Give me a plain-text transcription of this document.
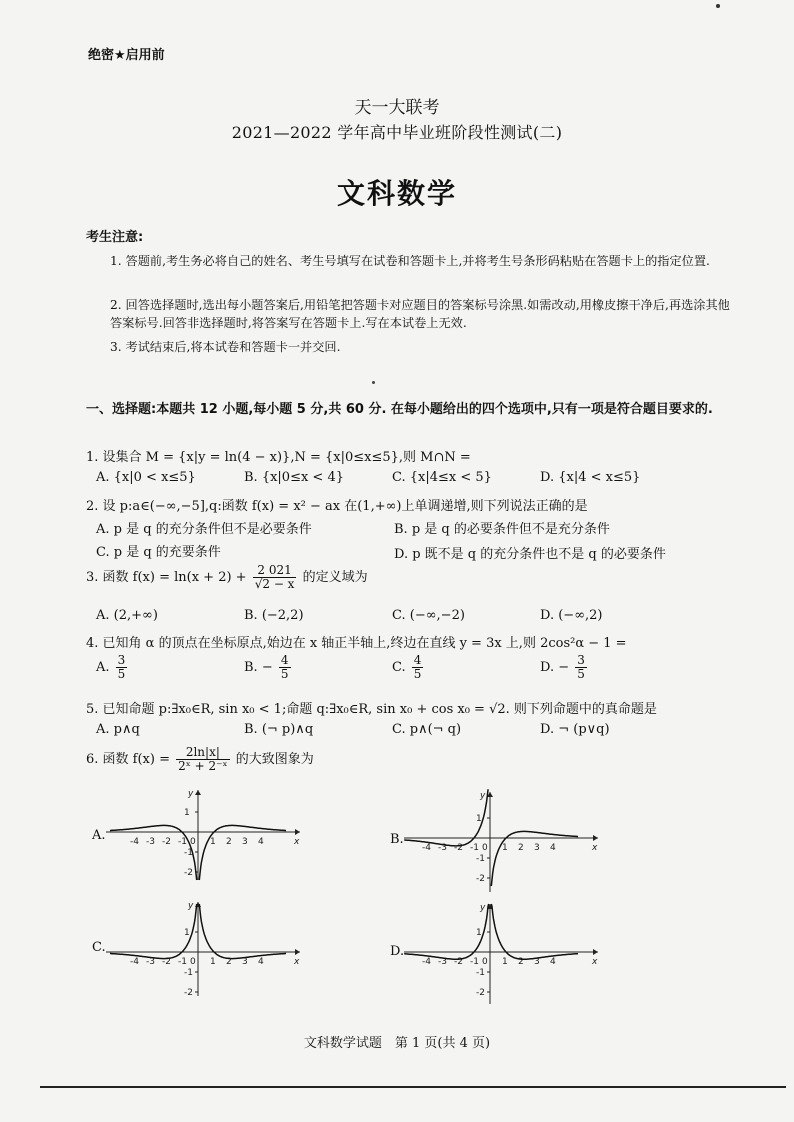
绝密★启用前
天一大联考
2021—2022 学年高中毕业班阶段性测试(二)
文科数学
考生注意:
1. 答题前,考生务必将自己的姓名、考生号填写在试卷和答题卡上,并将考生号条形码粘贴在答题卡上的指定位置.
2. 回答选择题时,选出每小题答案后,用铅笔把答题卡对应题目的答案标号涂黑.如需改动,用橡皮擦干净后,再选涂其他答案标号.回答非选择题时,将答案写在答题卡上.写在本试卷上无效.
3. 考试结束后,将本试卷和答题卡一并交回.
一、选择题:本题共 12 小题,每小题 5 分,共 60 分. 在每小题给出的四个选项中,只有一项是符合题目要求的.
1. 设集合 M = {x|y = ln(4 − x)},N = {x|0≤x≤5},则 M∩N =
A. {x|0 < x≤5}	B. {x|0≤x < 4}	C. {x|4≤x < 5}	D. {x|4 < x≤5}
2. 设 p:a∈(−∞,−5],q:函数 f(x) = x² − ax 在(1,+∞)上单调递增,则下列说法正确的是
A. p 是 q 的充分条件但不是必要条件	B. p 是 q 的必要条件但不是充分条件
C. p 是 q 的充要条件	D. p 既不是 q 的充分条件也不是 q 的必要条件
3. 函数 $f(x) = \ln(x + 2) + \frac{2 021}{√2 - x}$ 的定义域为
A. (2,+∞)	B. (−2,2)	C. (−∞,−2)	D. (−∞,2)
4. 已知角 α 的顶点在坐标原点,始边在 x 轴正半轴上,终边在直线 y = 3x 上,则 2cos²α − 1 =
A. $\frac{3}{5}$	B. − $\frac{4}{5}$	C. $\frac{4}{5}$	D. − $\frac{3}{5}$
5. 已知命题 p:∃x₀∈R, sin x₀ < 1;命题 q:∃x₀∈R, sin x₀ + cos x₀ = √2. 则下列命题中的真命题是
A. p∧q	B. (¬ p)∧q	C. p∧(¬ q)	D. ¬ (p∨q)
6. 函数 $f(x) = \frac{2\ln|x|}{\text{2ˣ + 2⁻ˣ}}$ 的大致图象为
A.	B.
C.	D.
-4 -3 -2 -1 0 1 2 3 4	x
y
1
-1
-2
-4 -3 -2 -1 0 1 2 3 4	x
y
1
-1
-2
-4 -3 -2 -1 0 1 2 3 4	x
y
1
-1
-2
-4 -3 -2 -1 0 1 2 3 4	x
y
1
-1
-2
文科数学试题　第 1 页(共 4 页)
